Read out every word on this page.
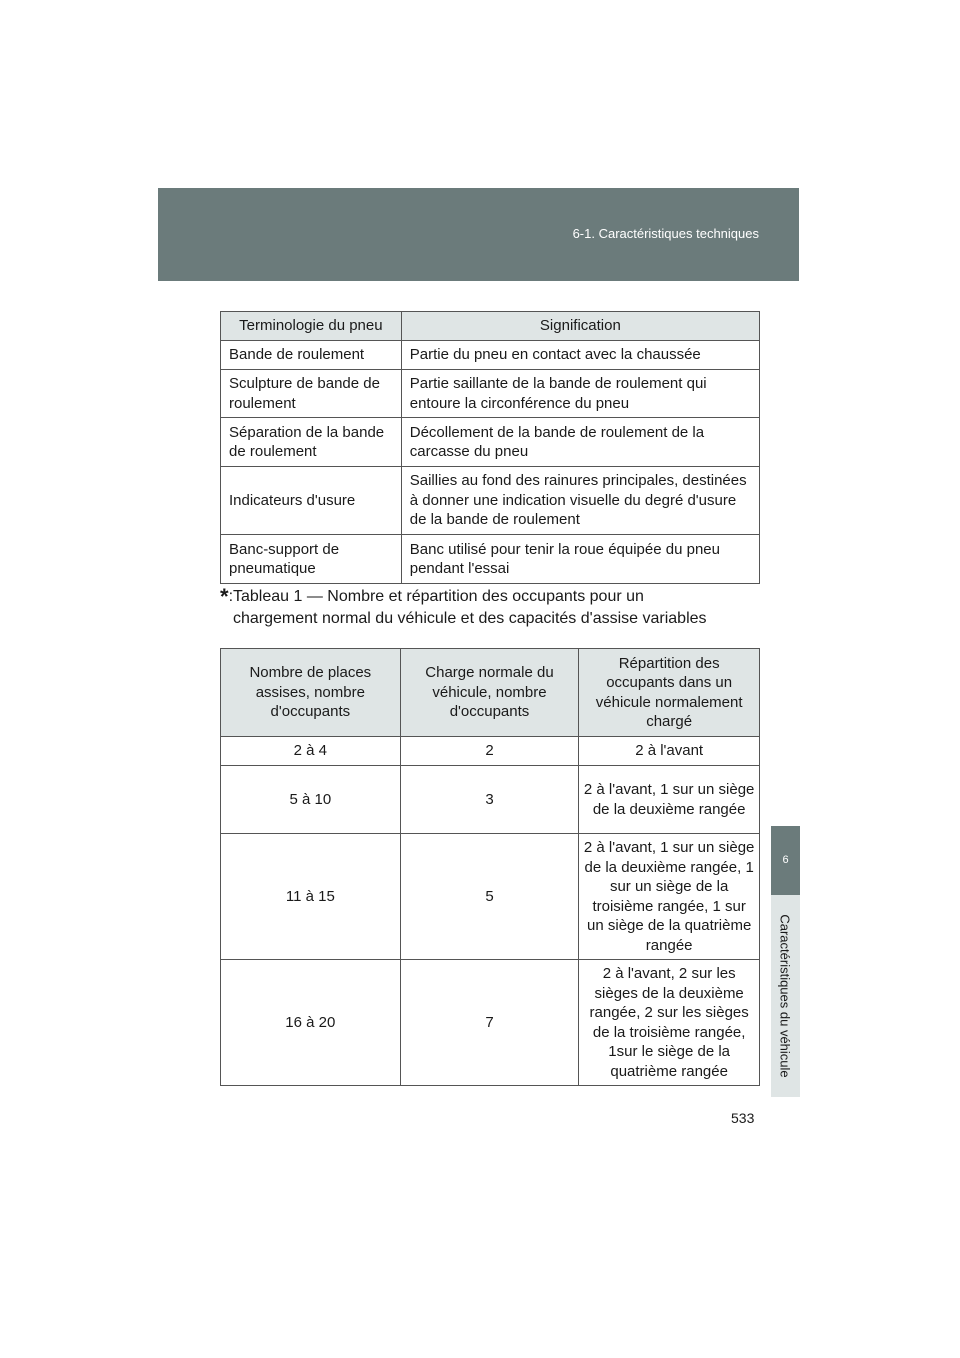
6-1. Caractéristiques techniques
6
Caractéristiques du véhicule
Terminologie du pneu	Signification
Bande de roulement	Partie du pneu en contact avec la chaussée
Sculpture de bande de roulement	Partie saillante de la bande de roulement qui entoure la circonférence du pneu
Séparation de la bande de roulement	Décollement de la bande de roulement de la carcasse du pneu
Indicateurs d'usure	Saillies au fond des rainures principales, destinées à donner une indication visuelle du degré d'usure de la bande de roulement
Banc-support de pneumatique	Banc utilisé pour tenir la roue équipée du pneu pendant l'essai
*:Tableau 1 — Nombre et répartition des occupants pour un
chargement normal du véhicule et des capacités d'assise variables
Nombre de places assises, nombre d'occupants	Charge normale du véhicule, nombre d'occupants	Répartition des occupants dans un véhicule normalement chargé
2 à 4	2	2 à l'avant
5 à 10	3	2 à l'avant, 1 sur un siège de la deuxième rangée
11 à 15	5	2 à l'avant, 1 sur un siège de la deuxième rangée, 1 sur un siège de la troisième rangée, 1 sur un siège de la quatrième rangée
16 à 20	7	2 à l'avant, 2 sur les sièges de la deuxième rangée, 2 sur les sièges de la troisième rangée, 1sur le siège de la quatrième rangée
533
